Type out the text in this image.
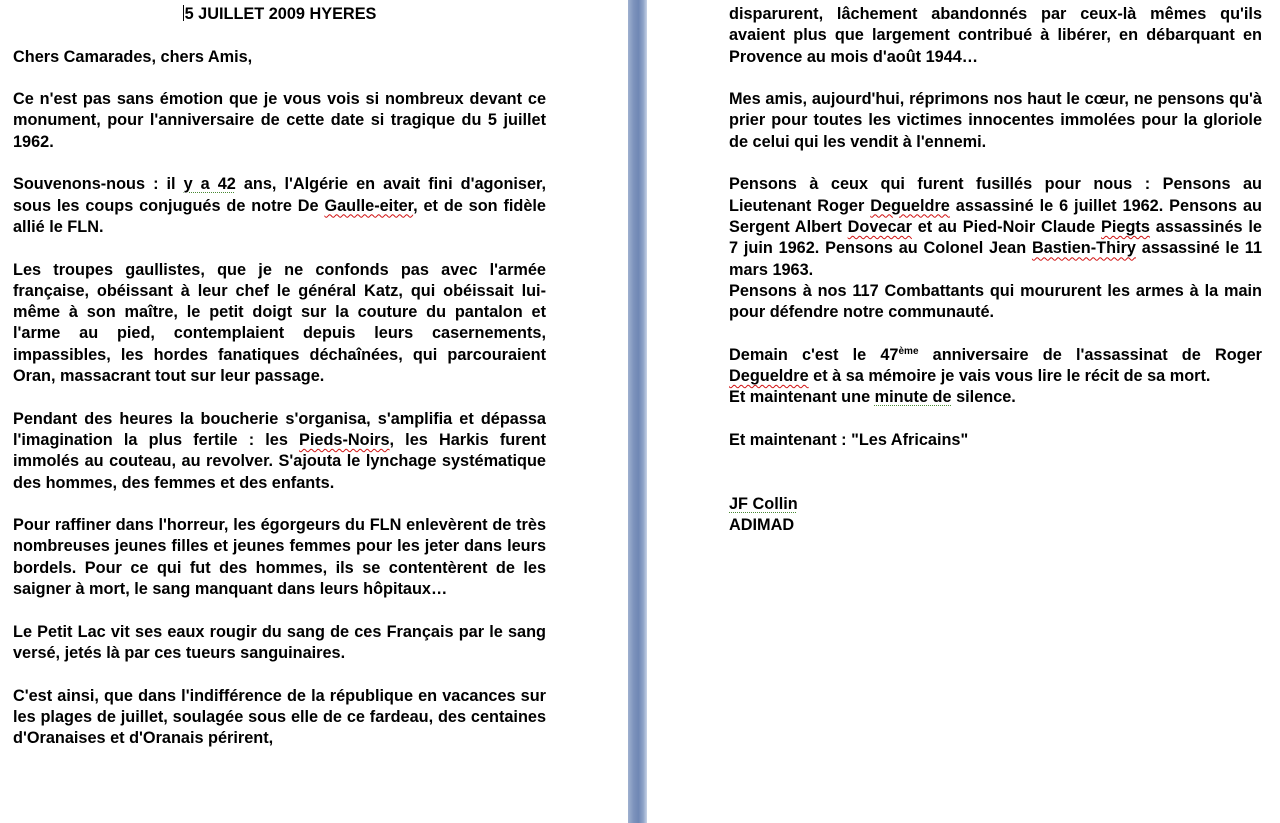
5 JUILLET 2009 HYERES

Chers Camarades, chers Amis,

Ce n'est pas sans émotion que je vous vois si nombreux devant ce monument, pour l'anniversaire de cette date si tragique du 5 juillet 1962.

Souvenons-nous : il y a 42 ans, l'Algérie en avait fini d'agoniser, sous les coups conjugués de notre De Gaulle-eiter, et de son fidèle allié le FLN.

Les troupes gaullistes, que je ne confonds pas avec l'armée française, obéissant à leur chef le général Katz, qui obéissait lui-même à son maître, le petit doigt sur la couture du pantalon et l'arme au pied, contemplaient depuis leurs casernements, impassibles, les hordes fanatiques déchaînées, qui parcouraient Oran, massacrant tout sur leur passage.

Pendant des heures la boucherie s'organisa, s'amplifia et dépassa l'imagination la plus fertile : les Pieds-Noirs, les Harkis furent immolés au couteau, au revolver. S'ajouta le lynchage systématique des hommes, des femmes et des enfants.

Pour raffiner dans l'horreur, les égorgeurs du FLN enlevèrent de très nombreuses jeunes filles et jeunes femmes pour les jeter dans leurs bordels. Pour ce qui fut des hommes, ils se contentèrent de les saigner à mort, le sang manquant dans leurs hôpitaux…

Le Petit Lac vit ses eaux rougir du sang de ces Français par le sang versé, jetés là par ces tueurs sanguinaires.

C'est ainsi, que dans l'indifférence de la république en vacances sur les plages de juillet, soulagée sous elle de ce fardeau, des centaines d'Oranaises et d'Oranais périrent,

disparurent, lâchement abandonnés par ceux-là mêmes qu'ils avaient plus que largement contribué à libérer, en débarquant en Provence au mois d'août 1944…

Mes amis, aujourd'hui, réprimons nos haut le cœur, ne pensons qu'à prier pour toutes les victimes innocentes immolées pour la gloriole de celui qui les vendit à l'ennemi.

Pensons à ceux qui furent fusillés pour nous : Pensons au Lieutenant Roger Degueldre assassiné le 6 juillet 1962. Pensons au Sergent Albert Dovecar et au Pied-Noir Claude Piegts assassinés le 7 juin 1962. Pensons au Colonel Jean Bastien-Thiry assassiné le 11 mars 1963.

Pensons à nos 117 Combattants qui moururent les armes à la main pour défendre notre communauté.

Demain c'est le 47ème anniversaire de l'assassinat de Roger Degueldre et à sa mémoire je vais vous lire le récit de sa mort.

Et maintenant une minute de silence.

Et maintenant : "Les Africains"

JF Collin
ADIMAD
